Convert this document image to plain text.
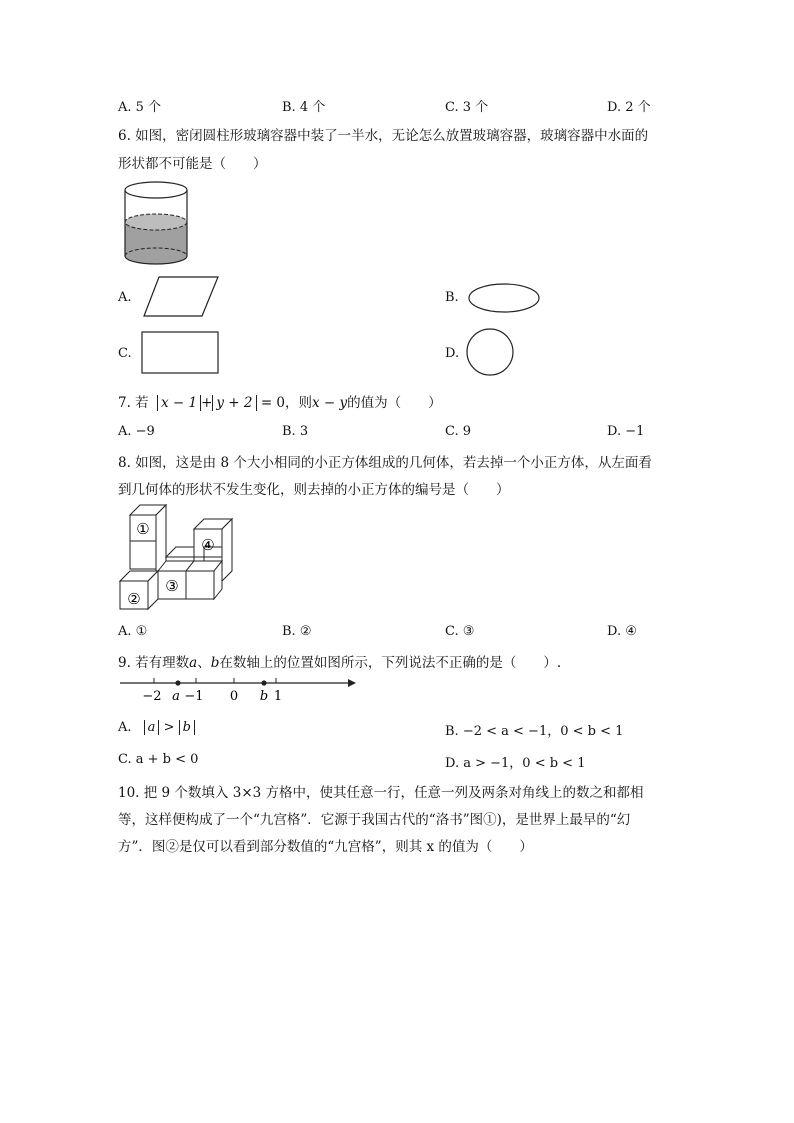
A. 5 个	B. 4 个	C. 3 个	D. 2 个
6. 如图，密闭圆柱形玻璃容器中装了一半水，无论怎么放置玻璃容器，玻璃容器中水面的
形状都不可能是（　　）
A.	B.
C.	D.
7. 若 x − 1 + y + 2 = 0，则x − y的值为（　　）
A. −9	B. 3	C. 9	D. −1
8. 如图，这是由 8 个大小相同的小正方体组成的几何体，若去掉一个小正方体，从左面看
到几何体的形状不发生变化，则去掉的小正方体的编号是（　　）
①
②
③
④
A. ①	B. ②	C. ③	D. ④
9. 若有理数a、b在数轴上的位置如图所示，下列说法不正确的是（　　）.
−2 a −1 0 b 1
A. a > b	B. −2 < a < −1，0 < b < 1
C. a + b < 0	D. a > −1，0 < b < 1
10. 把 9 个数填入 3×3 方格中，使其任意一行，任意一列及两条对角线上的数之和都相
等，这样便构成了一个“九宫格”．它源于我国古代的“洛书”图①)，是世界上最早的“幻
方”．图②是仅可以看到部分数值的“九宫格”，则其 x 的值为（　　）
